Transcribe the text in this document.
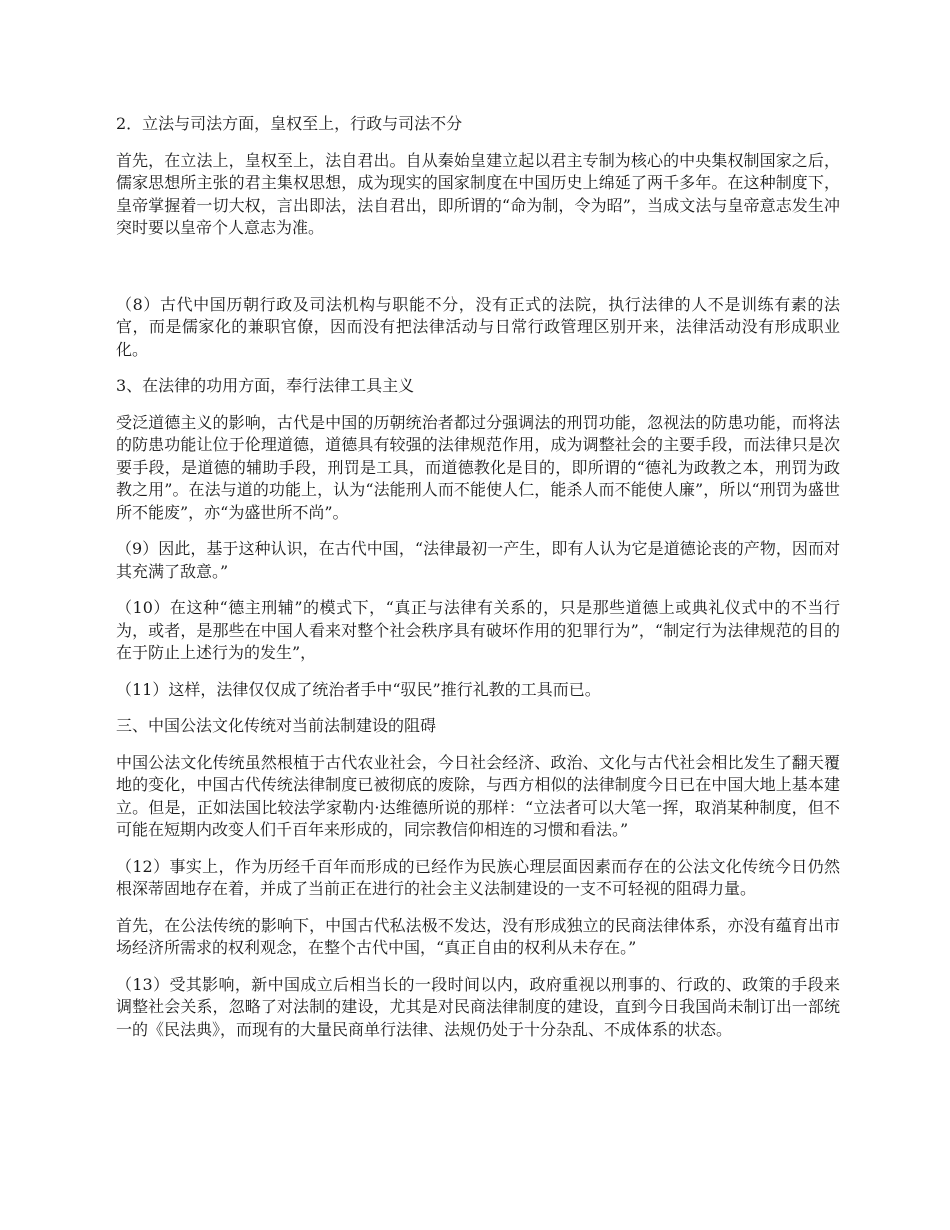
2．立法与司法方面，皇权至上，行政与司法不分

首先，在立法上，皇权至上，法自君出。自从秦始皇建立起以君主专制为核心的中央集权制国家之后，儒家思想所主张的君主集权思想，成为现实的国家制度在中国历史上绵延了两千多年。在这种制度下，皇帝掌握着一切大权，言出即法，法自君出，即所谓的“命为制，令为昭”，当成文法与皇帝意志发生冲突时要以皇帝个人意志为准。

（8）古代中国历朝行政及司法机构与职能不分，没有正式的法院，执行法律的人不是训练有素的法官，而是儒家化的兼职官僚，因而没有把法律活动与日常行政管理区别开来，法律活动没有形成职业化。

3、在法律的功用方面，奉行法律工具主义

受泛道德主义的影响，古代是中国的历朝统治者都过分强调法的刑罚功能，忽视法的防患功能，而将法的防患功能让位于伦理道德，道德具有较强的法律规范作用，成为调整社会的主要手段，而法律只是次要手段，是道德的辅助手段，刑罚是工具，而道德教化是目的，即所谓的“德礼为政教之本，刑罚为政教之用”。在法与道的功能上，认为“法能刑人而不能使人仁，能杀人而不能使人廉”，所以“刑罚为盛世所不能废”，亦“为盛世所不尚”。

（9）因此，基于这种认识，在古代中国，“法律最初一产生，即有人认为它是道德论丧的产物，因而对其充满了敌意。”

（10）在这种“德主刑辅”的模式下，“真正与法律有关系的，只是那些道德上或典礼仪式中的不当行为，或者，是那些在中国人看来对整个社会秩序具有破坏作用的犯罪行为”，“制定行为法律规范的目的在于防止上述行为的发生”，

（11）这样，法律仅仅成了统治者手中“驭民”推行礼教的工具而已。

三、中国公法文化传统对当前法制建设的阻碍

中国公法文化传统虽然根植于古代农业社会，今日社会经济、政治、文化与古代社会相比发生了翻天覆地的变化，中国古代传统法律制度已被彻底的废除，与西方相似的法律制度今日已在中国大地上基本建立。但是，正如法国比较法学家勒内·达维德所说的那样：“立法者可以大笔一挥，取消某种制度，但不可能在短期内改变人们千百年来形成的，同宗教信仰相连的习惯和看法。”

（12）事实上，作为历经千百年而形成的已经作为民族心理层面因素而存在的公法文化传统今日仍然根深蒂固地存在着，并成了当前正在进行的社会主义法制建设的一支不可轻视的阻碍力量。

首先，在公法传统的影响下，中国古代私法极不发达，没有形成独立的民商法律体系，亦没有蕴育出市场经济所需求的权利观念，在整个古代中国，“真正自由的权利从未存在。”

（13）受其影响，新中国成立后相当长的一段时间以内，政府重视以刑事的、行政的、政策的手段来调整社会关系，忽略了对法制的建设，尤其是对民商法律制度的建设，直到今日我国尚未制订出一部统一的《民法典》，而现有的大量民商单行法律、法规仍处于十分杂乱、不成体系的状态。
